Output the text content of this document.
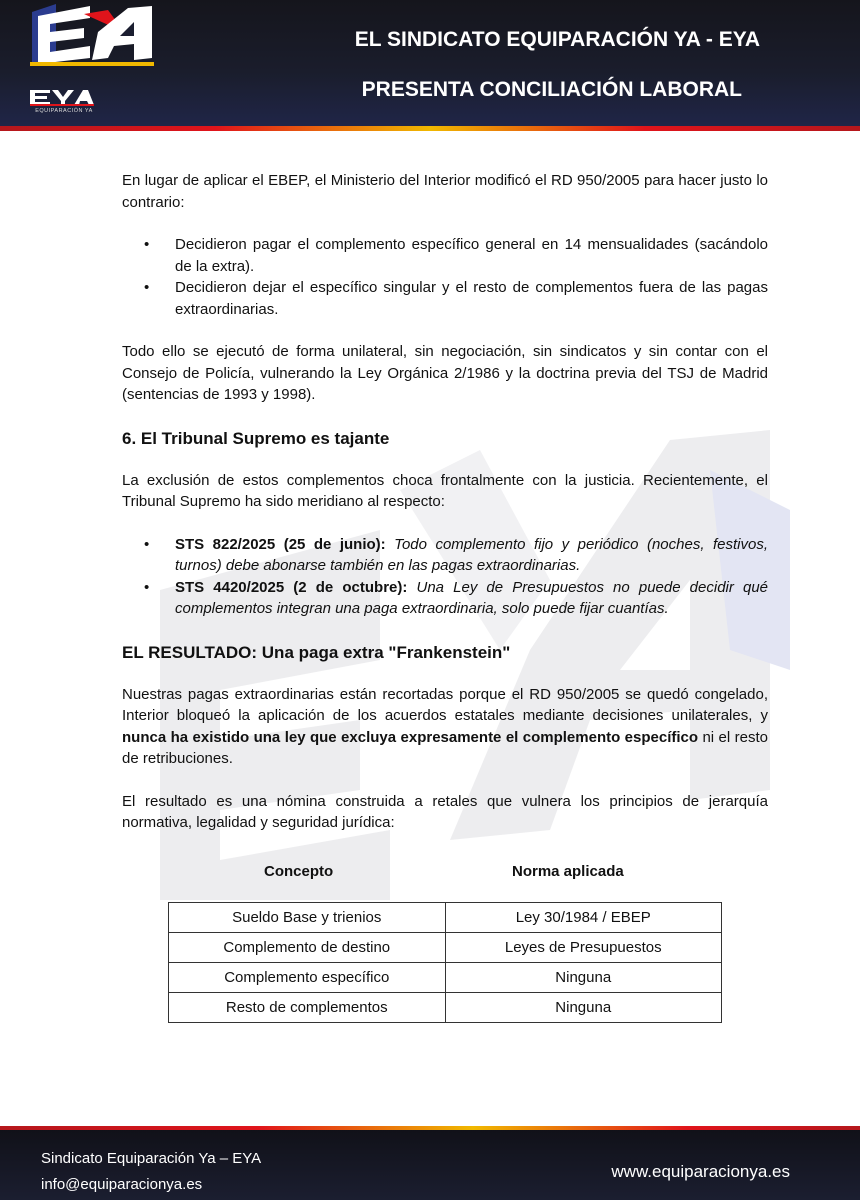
EQUIPARACIÓN YA
EL SINDICATO EQUIPARACIÓN YA - EYA
PRESENTA CONCILIACIÓN LABORAL

En lugar de aplicar el EBEP, el Ministerio del Interior modificó el RD 950/2005 para hacer justo lo contrario:

• Decidieron pagar el complemento específico general en 14 mensualidades (sacándolo de la extra).
• Decidieron dejar el específico singular y el resto de complementos fuera de las pagas extraordinarias.

Todo ello se ejecutó de forma unilateral, sin negociación, sin sindicatos y sin contar con el Consejo de Policía, vulnerando la Ley Orgánica 2/1986 y la doctrina previa del TSJ de Madrid (sentencias de 1993 y 1998).

6. El Tribunal Supremo es tajante

La exclusión de estos complementos choca frontalmente con la justicia. Recientemente, el Tribunal Supremo ha sido meridiano al respecto:

• STS 822/2025 (25 de junio): Todo complemento fijo y periódico (noches, festivos, turnos) debe abonarse también en las pagas extraordinarias.
• STS 4420/2025 (2 de octubre): Una Ley de Presupuestos no puede decidir qué complementos integran una paga extraordinaria, solo puede fijar cuantías.
EL RESULTADO: Una paga extra "Frankenstein"

Nuestras pagas extraordinarias están recortadas porque el RD 950/2005 se quedó congelado, Interior bloqueó la aplicación de los acuerdos estatales mediante decisiones unilaterales, y nunca ha existido una ley que excluya expresamente el complemento específico ni el resto de retribuciones.

El resultado es una nómina construida a retales que vulnera los principios de jerarquía normativa, legalidad y seguridad jurídica:

Concepto	Norma aplicada
Sueldo Base y trienios	Ley 30/1984 / EBEP
Complemento de destino	Leyes de Presupuestos
Complemento específico	Ninguna
Resto de complementos	Ninguna
Sindicato Equiparación Ya – EYA
info@equiparacionya.es
www.equiparacionya.es
